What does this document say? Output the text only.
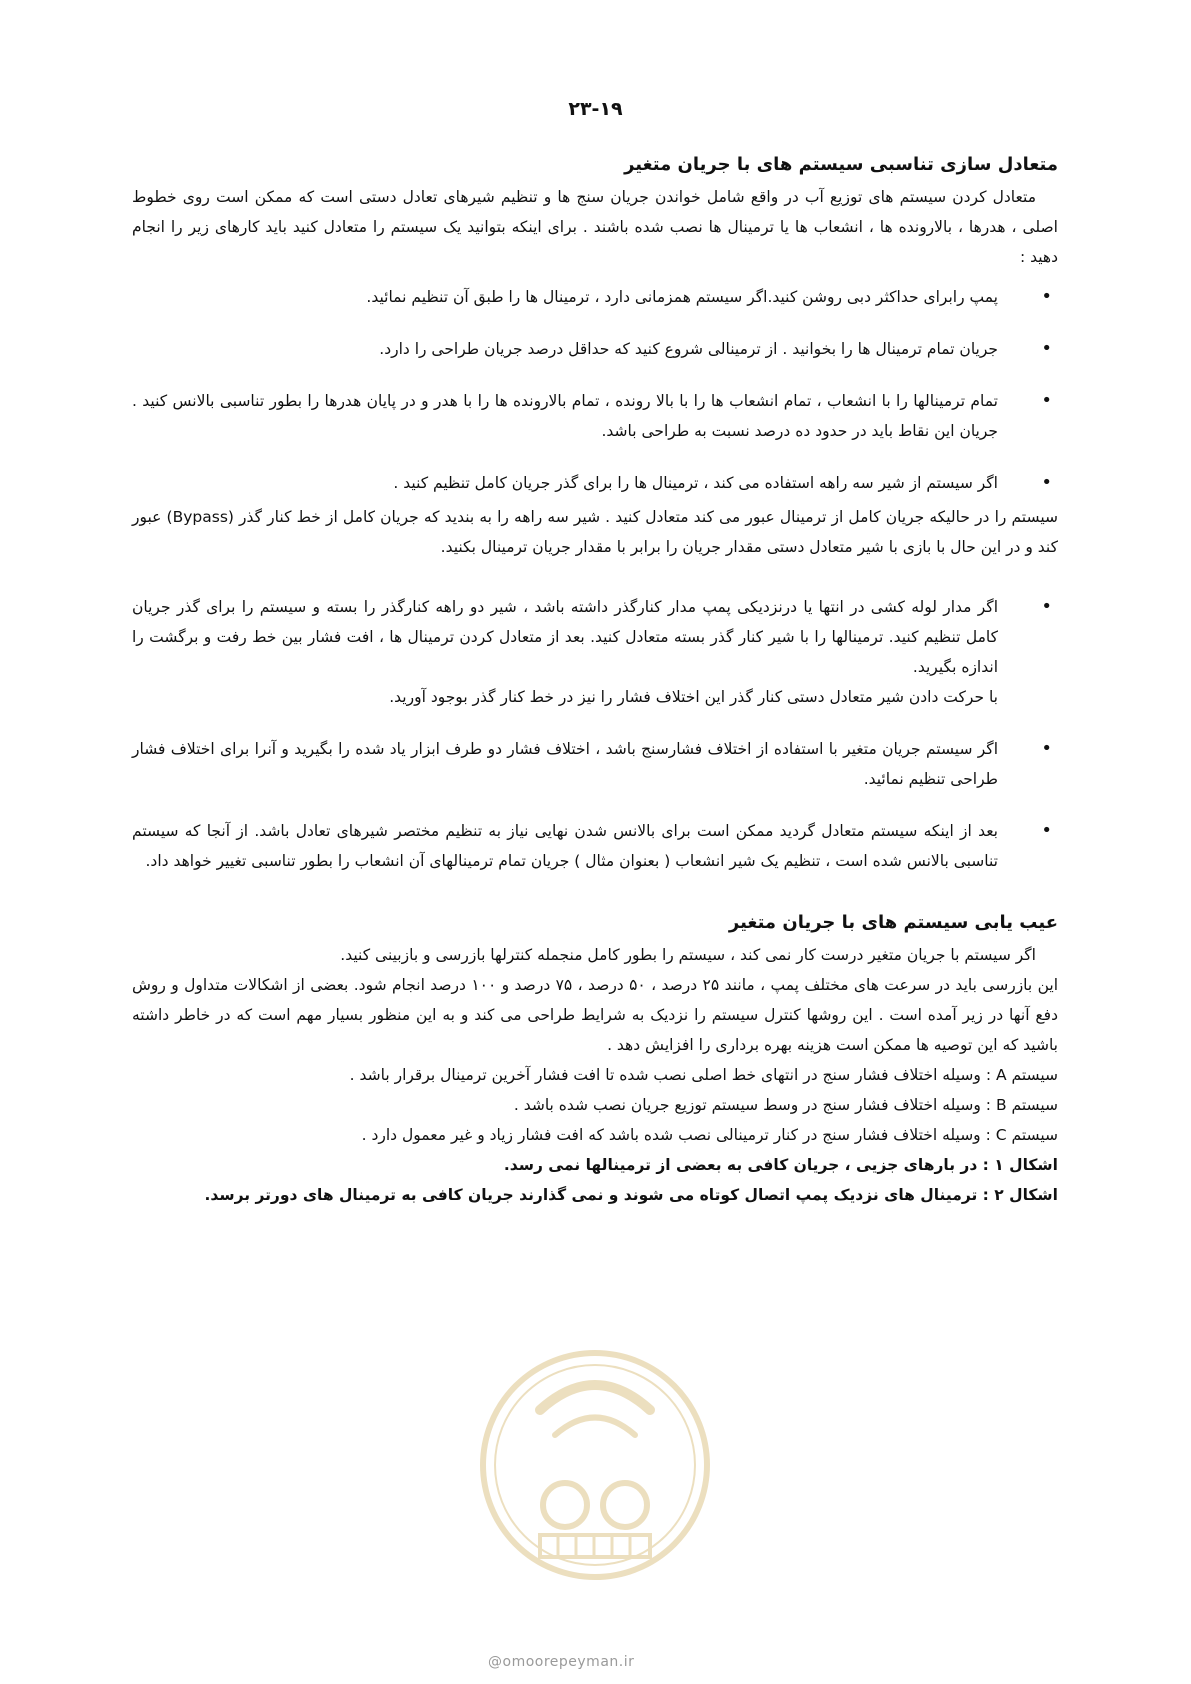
۲۳-۱۹
متعادل سازی تناسبی سیستم های با جریان متغیر

متعادل کردن سیستم های توزیع آب در واقع شامل خواندن جریان سنج ها و تنظیم شیرهای تعادل دستی است که ممکن است روی خطوط اصلی ، هدرها ، بالارونده ها ، انشعاب ها یا ترمینال ها نصب شده باشند . برای اینکه بتوانید یک سیستم را متعادل کنید باید کارهای زیر را انجام دهید :

•
پمپ رابرای حداکثر دبی روشن کنید.اگر سیستم همزمانی دارد ، ترمینال ها را طبق آن تنظیم نمائید.
•
جریان تمام ترمینال ها را بخوانید . از ترمینالی شروع کنید که حداقل درصد جریان طراحی را دارد.
•
تمام ترمینالها را با انشعاب ، تمام انشعاب ها را با بالا رونده ، تمام بالارونده ها را با هدر و در پایان هدرها را بطور تناسبی بالانس کنید . جریان این نقاط باید در حدود ده درصد نسبت به طراحی باشد.
•
اگر سیستم از شیر سه راهه استفاده می کند ، ترمینال ها را برای گذر جریان کامل تنظیم کنید .

سیستم را در حالیکه جریان کامل از ترمینال عبور می کند متعادل کنید . شیر سه راهه را به بندید که جریان کامل از خط کنار گذر (Bypass) عبور کند و در این حال با بازی با شیر متعادل دستی مقدار جریان را برابر با مقدار جریان ترمینال بکنید.

•
اگر مدار لوله کشی در انتها یا درنزدیکی پمپ مدار کنارگذر داشته باشد ، شیر دو راهه کنارگذر را بسته و سیستم را برای گذر جریان کامل تنظیم کنید. ترمینالها را با شیر کنار گذر بسته متعادل کنید. بعد از متعادل کردن ترمینال ها ، افت فشار بین خط رفت و برگشت را اندازه بگیرید.
با حرکت دادن شیر متعادل دستی کنار گذر این اختلاف فشار را نیز در خط کنار گذر بوجود آورید.
•
اگر سیستم جریان متغیر با استفاده از اختلاف فشارسنج باشد ، اختلاف فشار دو طرف ابزار یاد شده را بگیرید و آنرا برای اختلاف فشار طراحی تنظیم نمائید.
•
بعد از اینکه سیستم متعادل گردید ممکن است برای بالانس شدن نهایی نیاز به تنظیم مختصر شیرهای تعادل باشد. از آنجا که سیستم تناسبی بالانس شده است ، تنظیم یک شیر انشعاب ( بعنوان مثال ) جریان تمام ترمینالهای آن انشعاب را بطور تناسبی تغییر خواهد داد.
عیب یابی سیستم های با جریان متغیر

اگر سیستم با جریان متغیر درست کار نمی کند ، سیستم را بطور کامل منجمله کنترلها بازرسی و بازبینی کنید.

این بازرسی باید در سرعت های مختلف پمپ ، مانند ۲۵ درصد ، ۵۰ درصد ، ۷۵ درصد و ۱۰۰ درصد انجام شود. بعضی از اشکالات متداول و روش دفع آنها در زیر آمده است . این روشها کنترل سیستم را نزدیک به شرایط طراحی می کند و به این منظور بسیار مهم است که در خاطر داشته باشید که این توصیه ها ممکن است هزینه بهره برداری را افزایش دهد .

سیستم A : وسیله اختلاف فشار سنج در انتهای خط اصلی نصب شده تا افت فشار آخرین ترمینال برقرار باشد .

سیستم B : وسیله اختلاف فشار سنج در وسط سیستم توزیع جریان نصب شده باشد .

سیستم C : وسیله اختلاف فشار سنج در کنار ترمینالی نصب شده باشد که افت فشار زیاد و غیر معمول دارد .

اشکال ۱ : در بارهای جزیی ، جریان کافی به بعضی از ترمینالها نمی رسد.

اشکال ۲ : ترمینال های نزدیک پمپ اتصال کوتاه می شوند و نمی گذارند جریان کافی به ترمینال های دورتر برسد.

@omoorepeyman.ir
